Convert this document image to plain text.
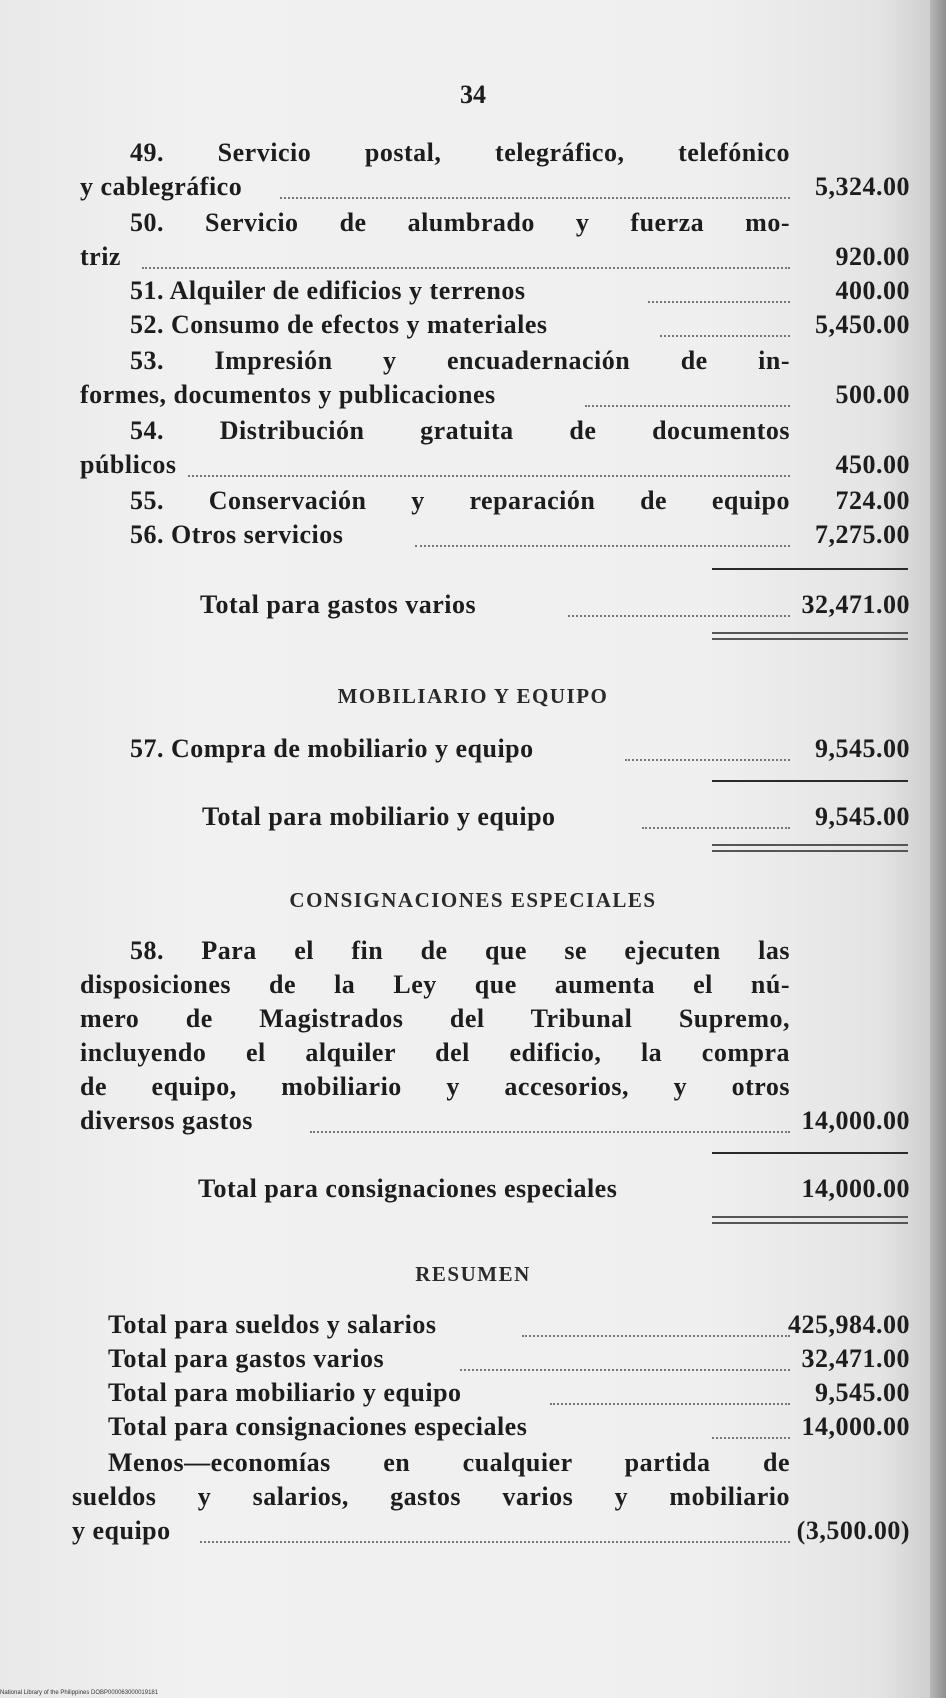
34
49. Servicio postal, telegráfico, telefónico
y cablegráfico	5,324.00
50. Servicio de alumbrado y fuerza mo-
triz	920.00
51. Alquiler de edificios y terrenos	400.00
52. Consumo de efectos y materiales	5,450.00
53. Impresión y encuadernación de in-
formes, documentos y publicaciones	500.00
54. Distribución gratuita de documentos
públicos	450.00
55. Conservación y reparación de equipo 724.00
56. Otros servicios	7,275.00
Total para gastos varios	32,471.00
MOBILIARIO Y EQUIPO
57. Compra de mobiliario y equipo	9,545.00
Total para mobiliario y equipo	9,545.00
CONSIGNACIONES ESPECIALES
58. Para el fin de que se ejecuten las
disposiciones de la Ley que aumenta el nú-
mero de Magistrados del Tribunal Supremo,
incluyendo el alquiler del edificio, la compra
de equipo, mobiliario y accesorios, y otros
diversos gastos	14,000.00
Total para consignaciones especiales	14,000.00
RESUMEN
Total para sueldos y salarios	425,984.00
Total para gastos varios	32,471.00
Total para mobiliario y equipo	9,545.00
Total para consignaciones especiales	14,000.00
Menos—economías en cualquier partida de
sueldos y salarios, gastos varios y mobiliario
y equipo	(3,500.00)
National Library of the Philippines DOBP000063000019181
